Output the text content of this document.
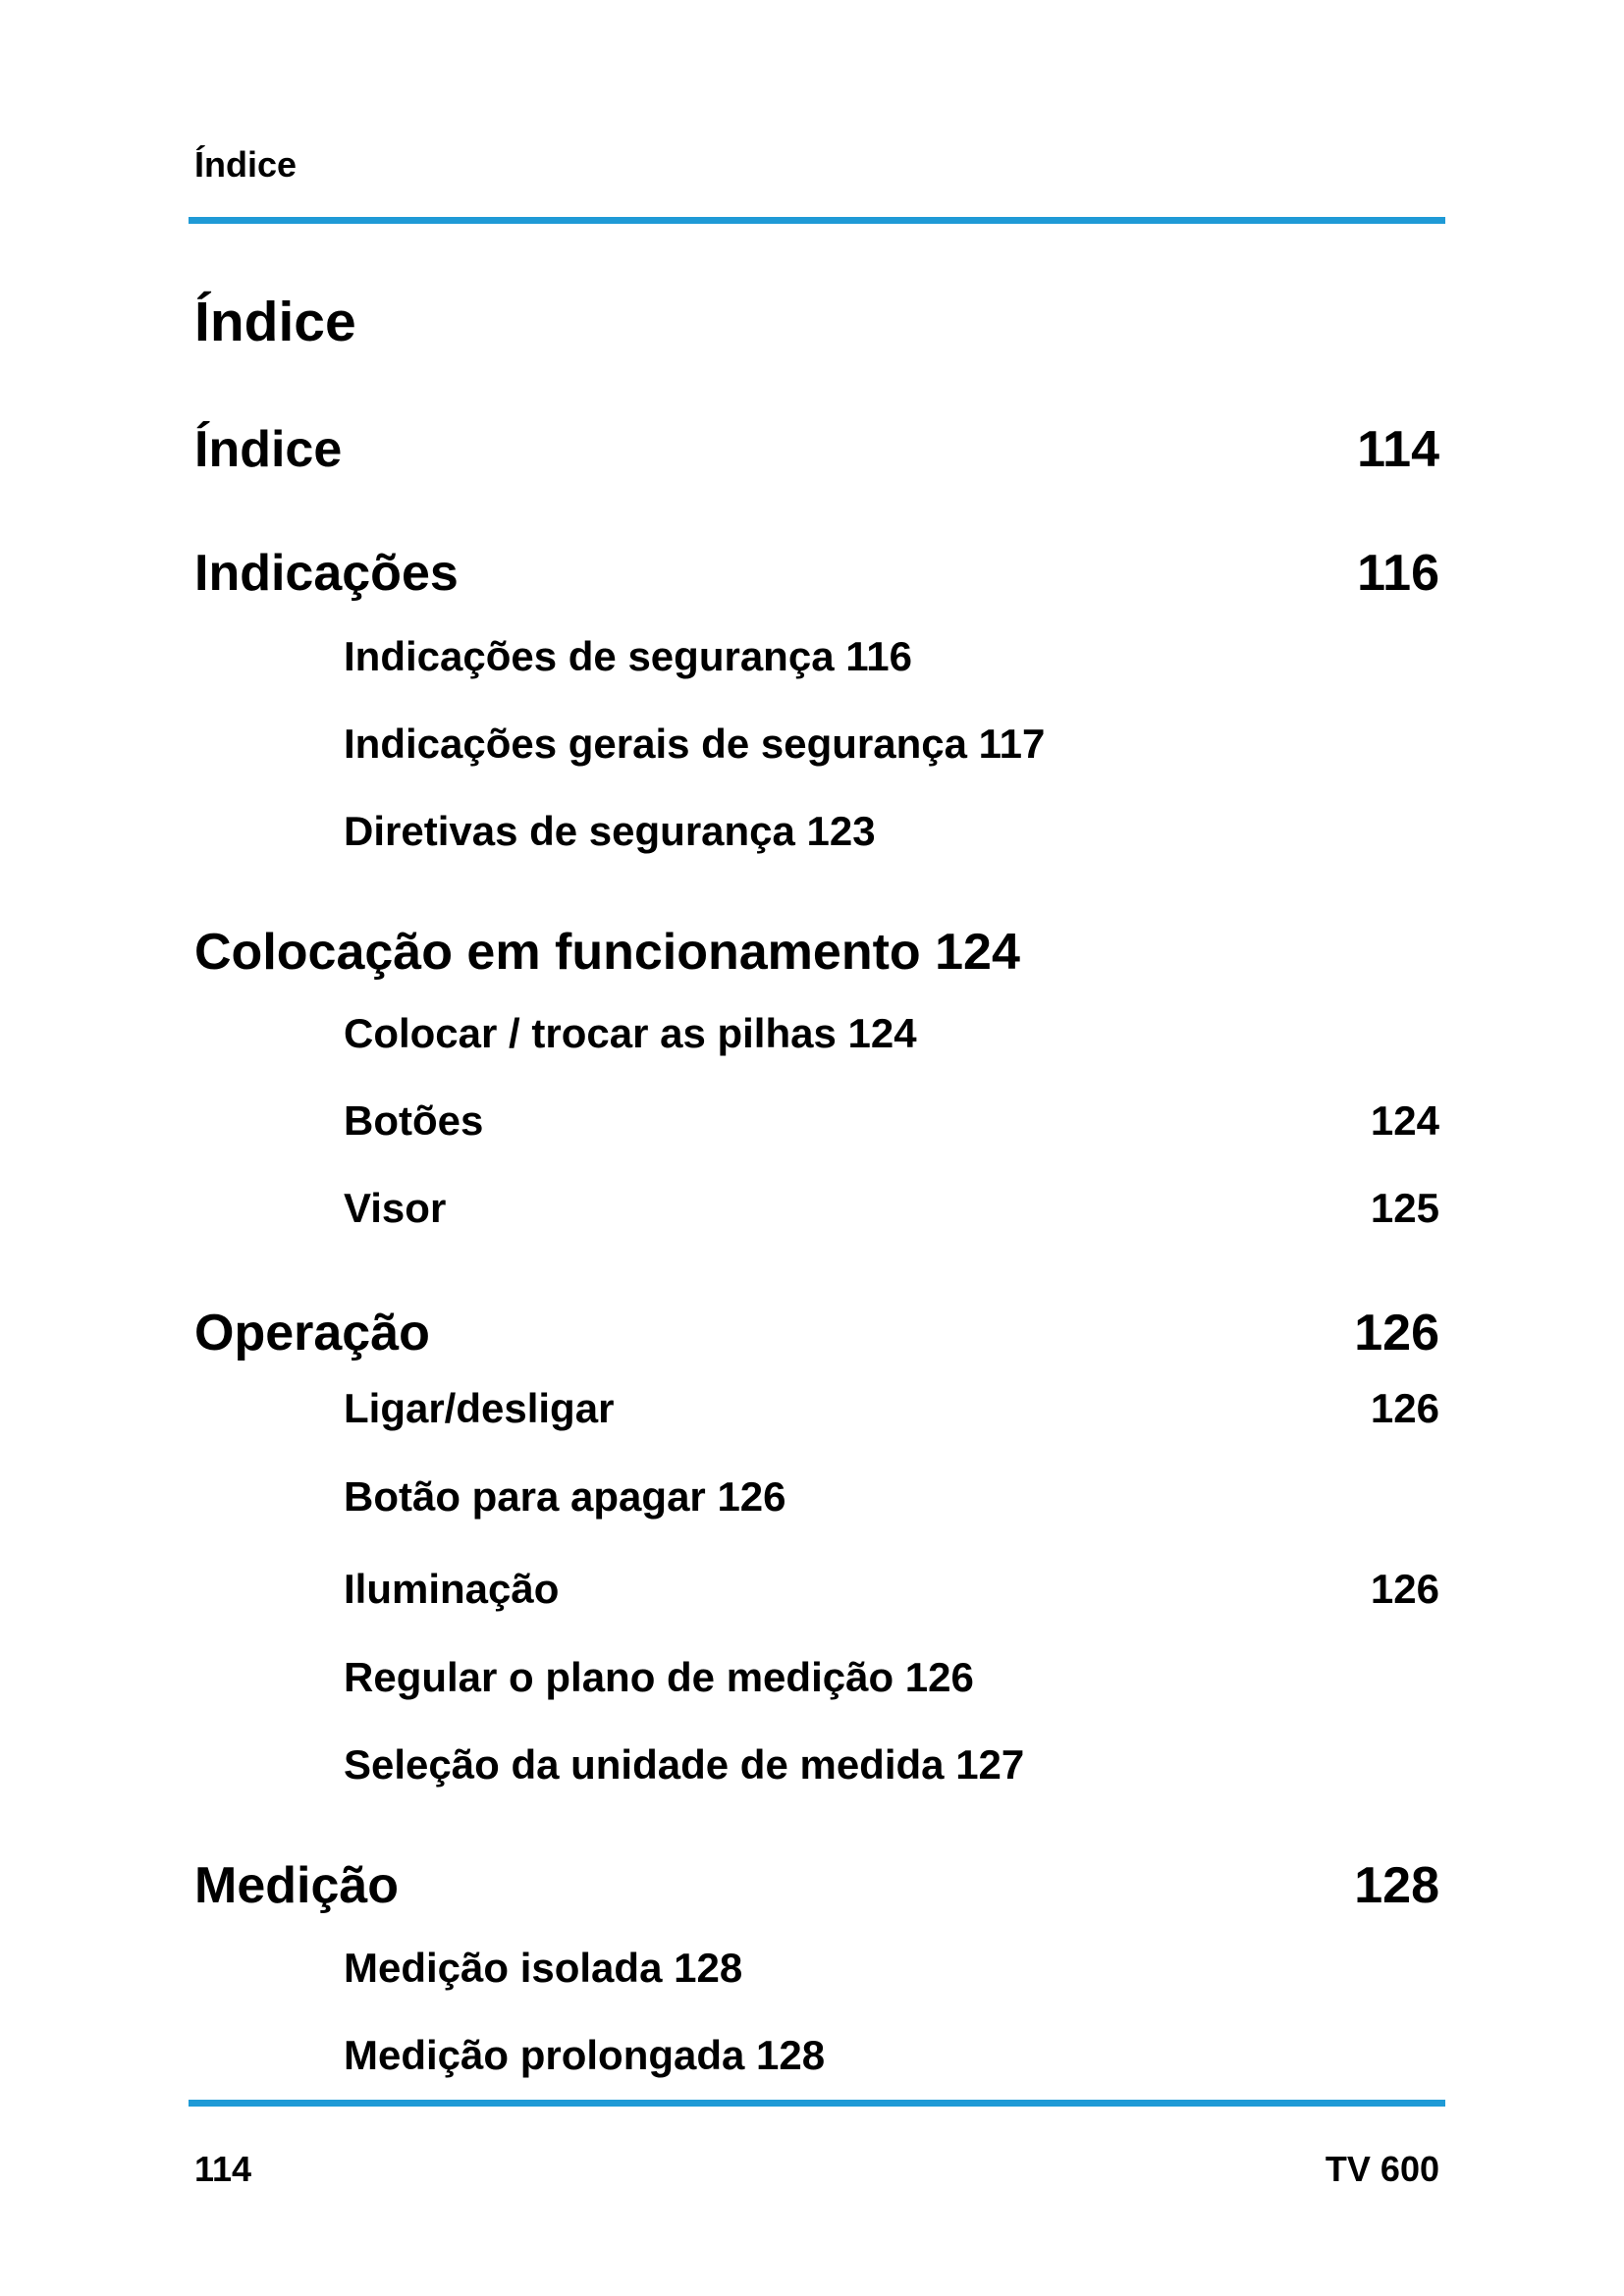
Índice
Índice
Índice	114
Indicações	116
Indicações de segurança 116
Indicações gerais de segurança 117
Diretivas de segurança 123
Colocação em funcionamento 124
Colocar / trocar as pilhas 124
Botões	124
Visor	125
Operação	126
Ligar/desligar	126
Botão para apagar 126
Iluminação	126
Regular o plano de medição 126
Seleção da unidade de medida 127
Medição	128
Medição isolada 128
Medição prolongada 128
114	TV 600
